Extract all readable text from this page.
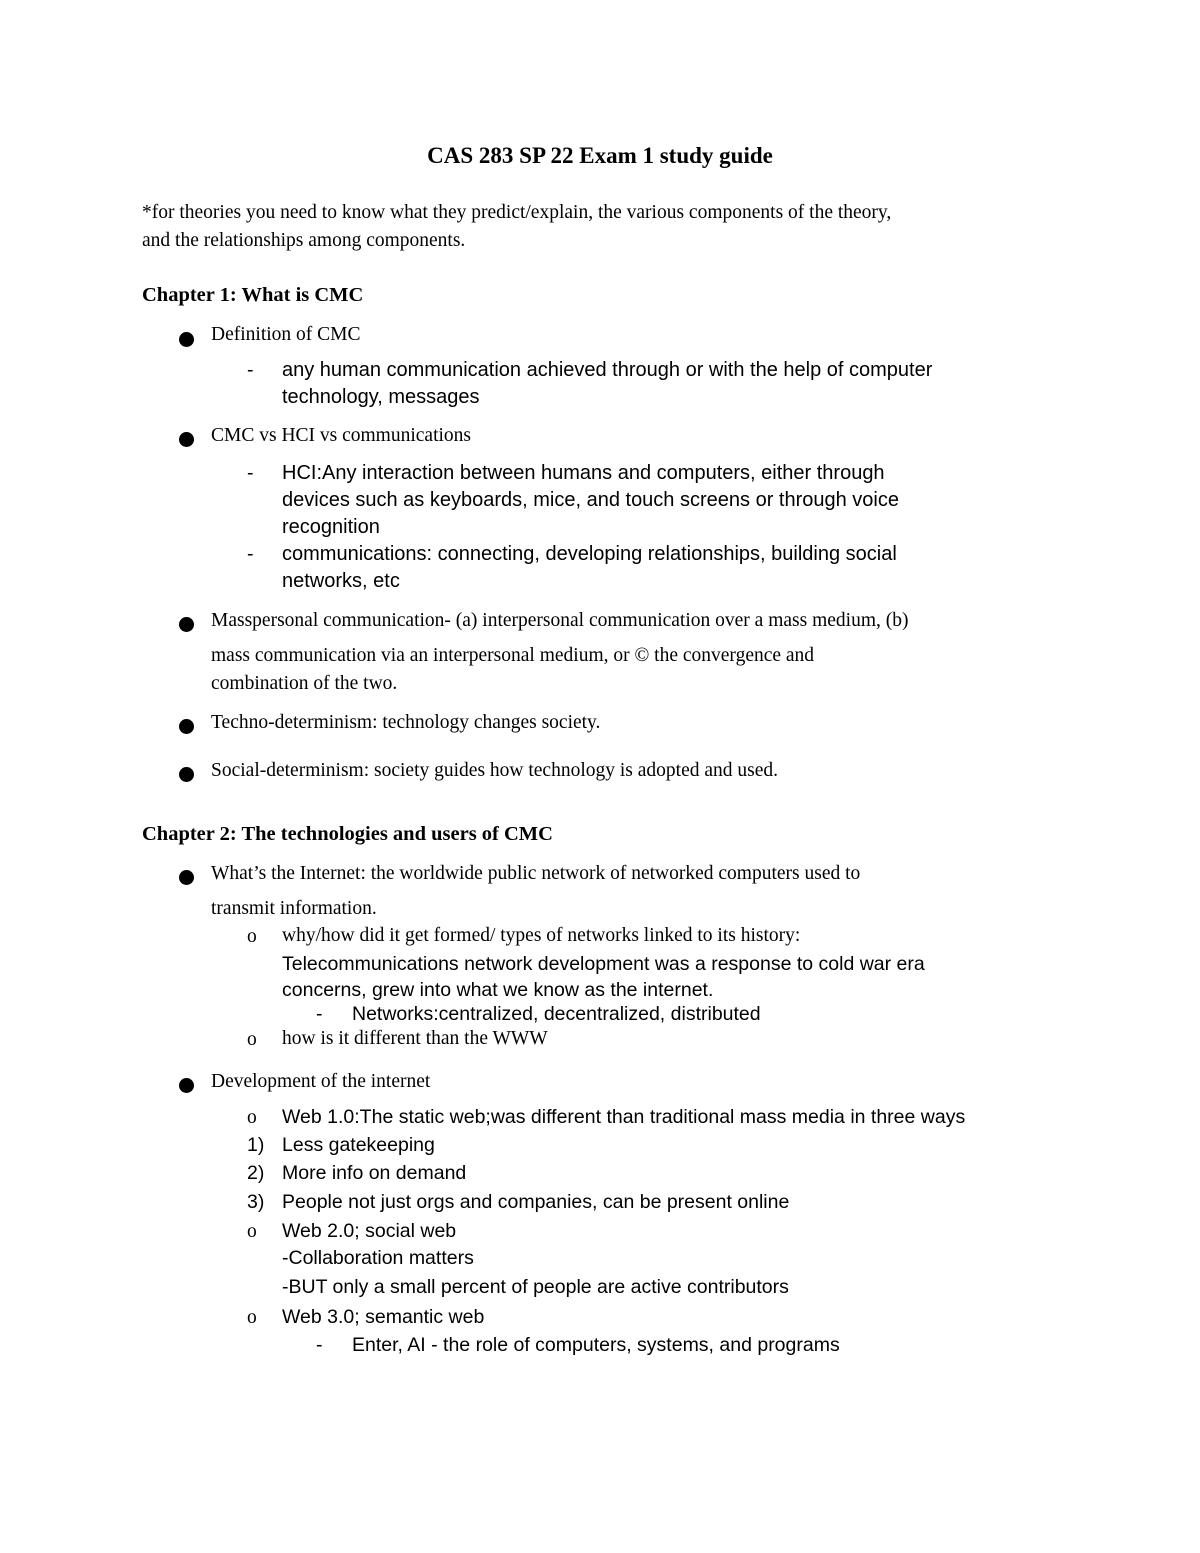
CAS 283 SP 22 Exam 1 study guide
*for theories you need to know what they predict/explain, the various components of the theory,
and the relationships among components.
Chapter 1: What is CMC
Definition of CMC
- any human communication achieved through or with the help of computer
technology, messages
CMC vs HCI vs communications
- HCI:Any interaction between humans and computers, either through
devices such as keyboards, mice, and touch screens or through voice
recognition
- communications: connecting, developing relationships, building social
networks, etc
Masspersonal communication- (a) interpersonal communication over a mass medium, (b)
mass communication via an interpersonal medium, or © the convergence and
combination of the two.
Techno-determinism: technology changes society.
Social-determinism: society guides how technology is adopted and used.
Chapter 2: The technologies and users of CMC
What’s the Internet: the worldwide public network of networked computers used to
transmit information.
o why/how did it get formed/ types of networks linked to its history:
Telecommunications network development was a response to cold war era
concerns, grew into what we know as the internet.
- Networks:centralized, decentralized, distributed
o how is it different than the WWW
Development of the internet
o Web 1.0:The static web;was different than traditional mass media in three ways
1) Less gatekeeping
2) More info on demand
3) People not just orgs and companies, can be present online
o Web 2.0; social web
-Collaboration matters
-BUT only a small percent of people are active contributors
o Web 3.0; semantic web
- Enter, AI - the role of computers, systems, and programs
